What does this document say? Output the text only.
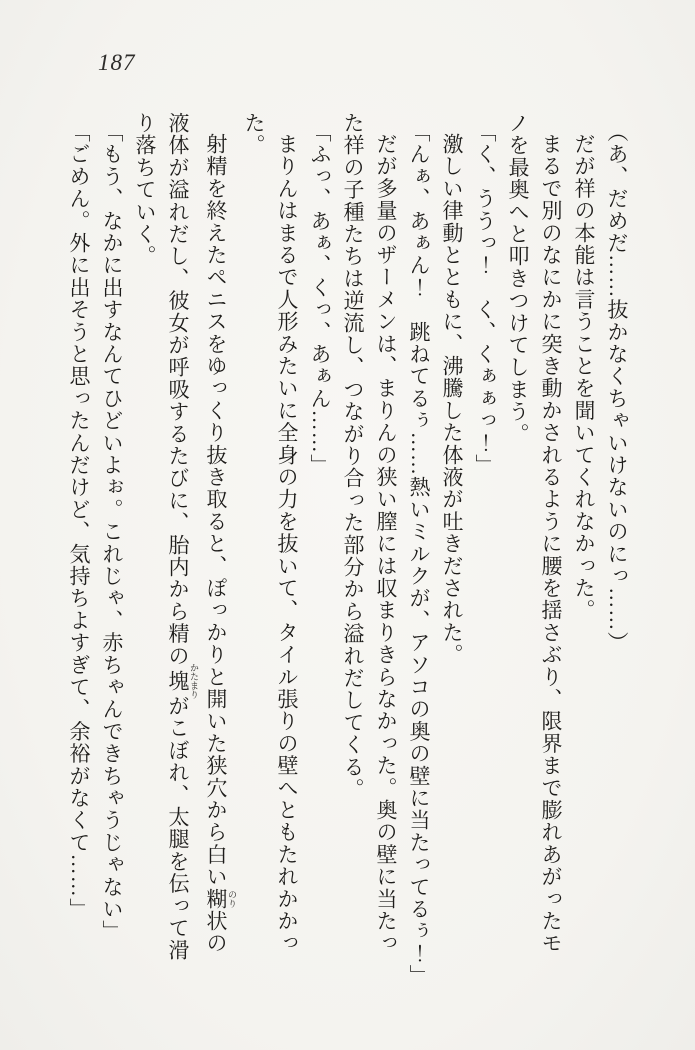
187

（あ、だめだ……抜かなくちゃいけないのにっ……）

だが祥の本能は言うことを聞いてくれなかった。

まるで別のなにかに突き動かされるように腰を揺さぶり、限界まで膨れあがったモ

ノを最奥へと叩きつけてしまう。

「く、ううっ！　く、くぁぁっ！」

激しい律動とともに、沸騰した体液が吐きだされた。

「んぁ、あぁん！　跳ねてるぅ……熱いミルクが、アソコの奥の壁に当たってるぅ！」

だが多量のザーメンは、まりんの狭い膣には収まりきらなかった。奥の壁に当たっ

た祥の子種たちは逆流し、つながり合った部分から溢れだしてくる。

「ふっ、あぁ、くっ、あぁん……」

まりんはまるで人形みたいに全身の力を抜いて、タイル張りの壁へともたれかかっ

た。

射精を終えたペニスをゆっくり抜き取ると、ぽっかりと開いた狭穴から白い糊 のり状の

液体が溢れだし、彼女が呼吸するたびに、胎内から精の塊 かたまりがこぼれ、太腿を伝って滑

り落ちていく。

「もう、なかに出すなんてひどいよぉ。これじゃ、赤ちゃんできちゃうじゃない」

「ごめん。外に出そうと思ったんだけど、気持ちよすぎて、余裕がなくて……」
